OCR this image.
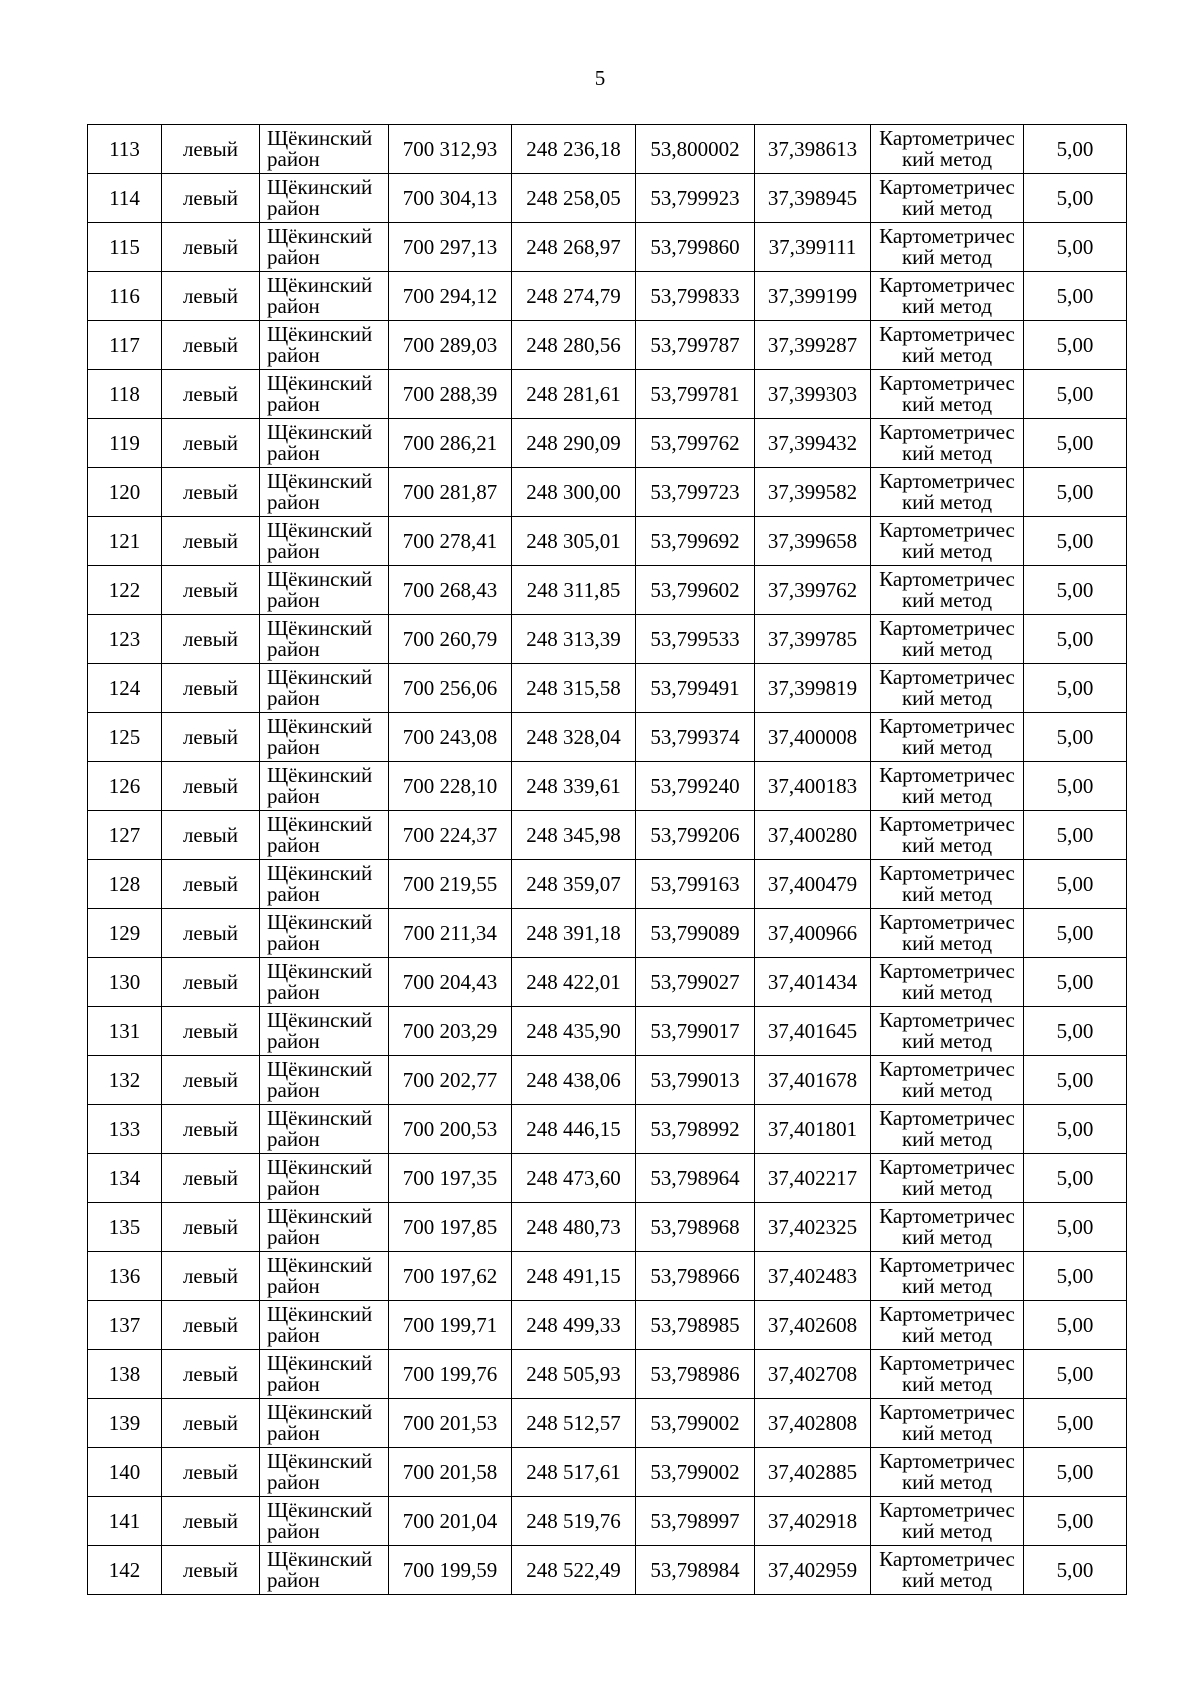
5
113	левый	Щёкинский район	700 312,93	248 236,18	53,800002	37,398613	Картометрический метод	5,00
114	левый	Щёкинский район	700 304,13	248 258,05	53,799923	37,398945	Картометрический метод	5,00
115	левый	Щёкинский район	700 297,13	248 268,97	53,799860	37,399111	Картометрический метод	5,00
116	левый	Щёкинский район	700 294,12	248 274,79	53,799833	37,399199	Картометрический метод	5,00
117	левый	Щёкинский район	700 289,03	248 280,56	53,799787	37,399287	Картометрический метод	5,00
118	левый	Щёкинский район	700 288,39	248 281,61	53,799781	37,399303	Картометрический метод	5,00
119	левый	Щёкинский район	700 286,21	248 290,09	53,799762	37,399432	Картометрический метод	5,00
120	левый	Щёкинский район	700 281,87	248 300,00	53,799723	37,399582	Картометрический метод	5,00
121	левый	Щёкинский район	700 278,41	248 305,01	53,799692	37,399658	Картометрический метод	5,00
122	левый	Щёкинский район	700 268,43	248 311,85	53,799602	37,399762	Картометрический метод	5,00
123	левый	Щёкинский район	700 260,79	248 313,39	53,799533	37,399785	Картометрический метод	5,00
124	левый	Щёкинский район	700 256,06	248 315,58	53,799491	37,399819	Картометрический метод	5,00
125	левый	Щёкинский район	700 243,08	248 328,04	53,799374	37,400008	Картометрический метод	5,00
126	левый	Щёкинский район	700 228,10	248 339,61	53,799240	37,400183	Картометрический метод	5,00
127	левый	Щёкинский район	700 224,37	248 345,98	53,799206	37,400280	Картометрический метод	5,00
128	левый	Щёкинский район	700 219,55	248 359,07	53,799163	37,400479	Картометрический метод	5,00
129	левый	Щёкинский район	700 211,34	248 391,18	53,799089	37,400966	Картометрический метод	5,00
130	левый	Щёкинский район	700 204,43	248 422,01	53,799027	37,401434	Картометрический метод	5,00
131	левый	Щёкинский район	700 203,29	248 435,90	53,799017	37,401645	Картометрический метод	5,00
132	левый	Щёкинский район	700 202,77	248 438,06	53,799013	37,401678	Картометрический метод	5,00
133	левый	Щёкинский район	700 200,53	248 446,15	53,798992	37,401801	Картометрический метод	5,00
134	левый	Щёкинский район	700 197,35	248 473,60	53,798964	37,402217	Картометрический метод	5,00
135	левый	Щёкинский район	700 197,85	248 480,73	53,798968	37,402325	Картометрический метод	5,00
136	левый	Щёкинский район	700 197,62	248 491,15	53,798966	37,402483	Картометрический метод	5,00
137	левый	Щёкинский район	700 199,71	248 499,33	53,798985	37,402608	Картометрический метод	5,00
138	левый	Щёкинский район	700 199,76	248 505,93	53,798986	37,402708	Картометрический метод	5,00
139	левый	Щёкинский район	700 201,53	248 512,57	53,799002	37,402808	Картометрический метод	5,00
140	левый	Щёкинский район	700 201,58	248 517,61	53,799002	37,402885	Картометрический метод	5,00
141	левый	Щёкинский район	700 201,04	248 519,76	53,798997	37,402918	Картометрический метод	5,00
142	левый	Щёкинский район	700 199,59	248 522,49	53,798984	37,402959	Картометрический метод	5,00
